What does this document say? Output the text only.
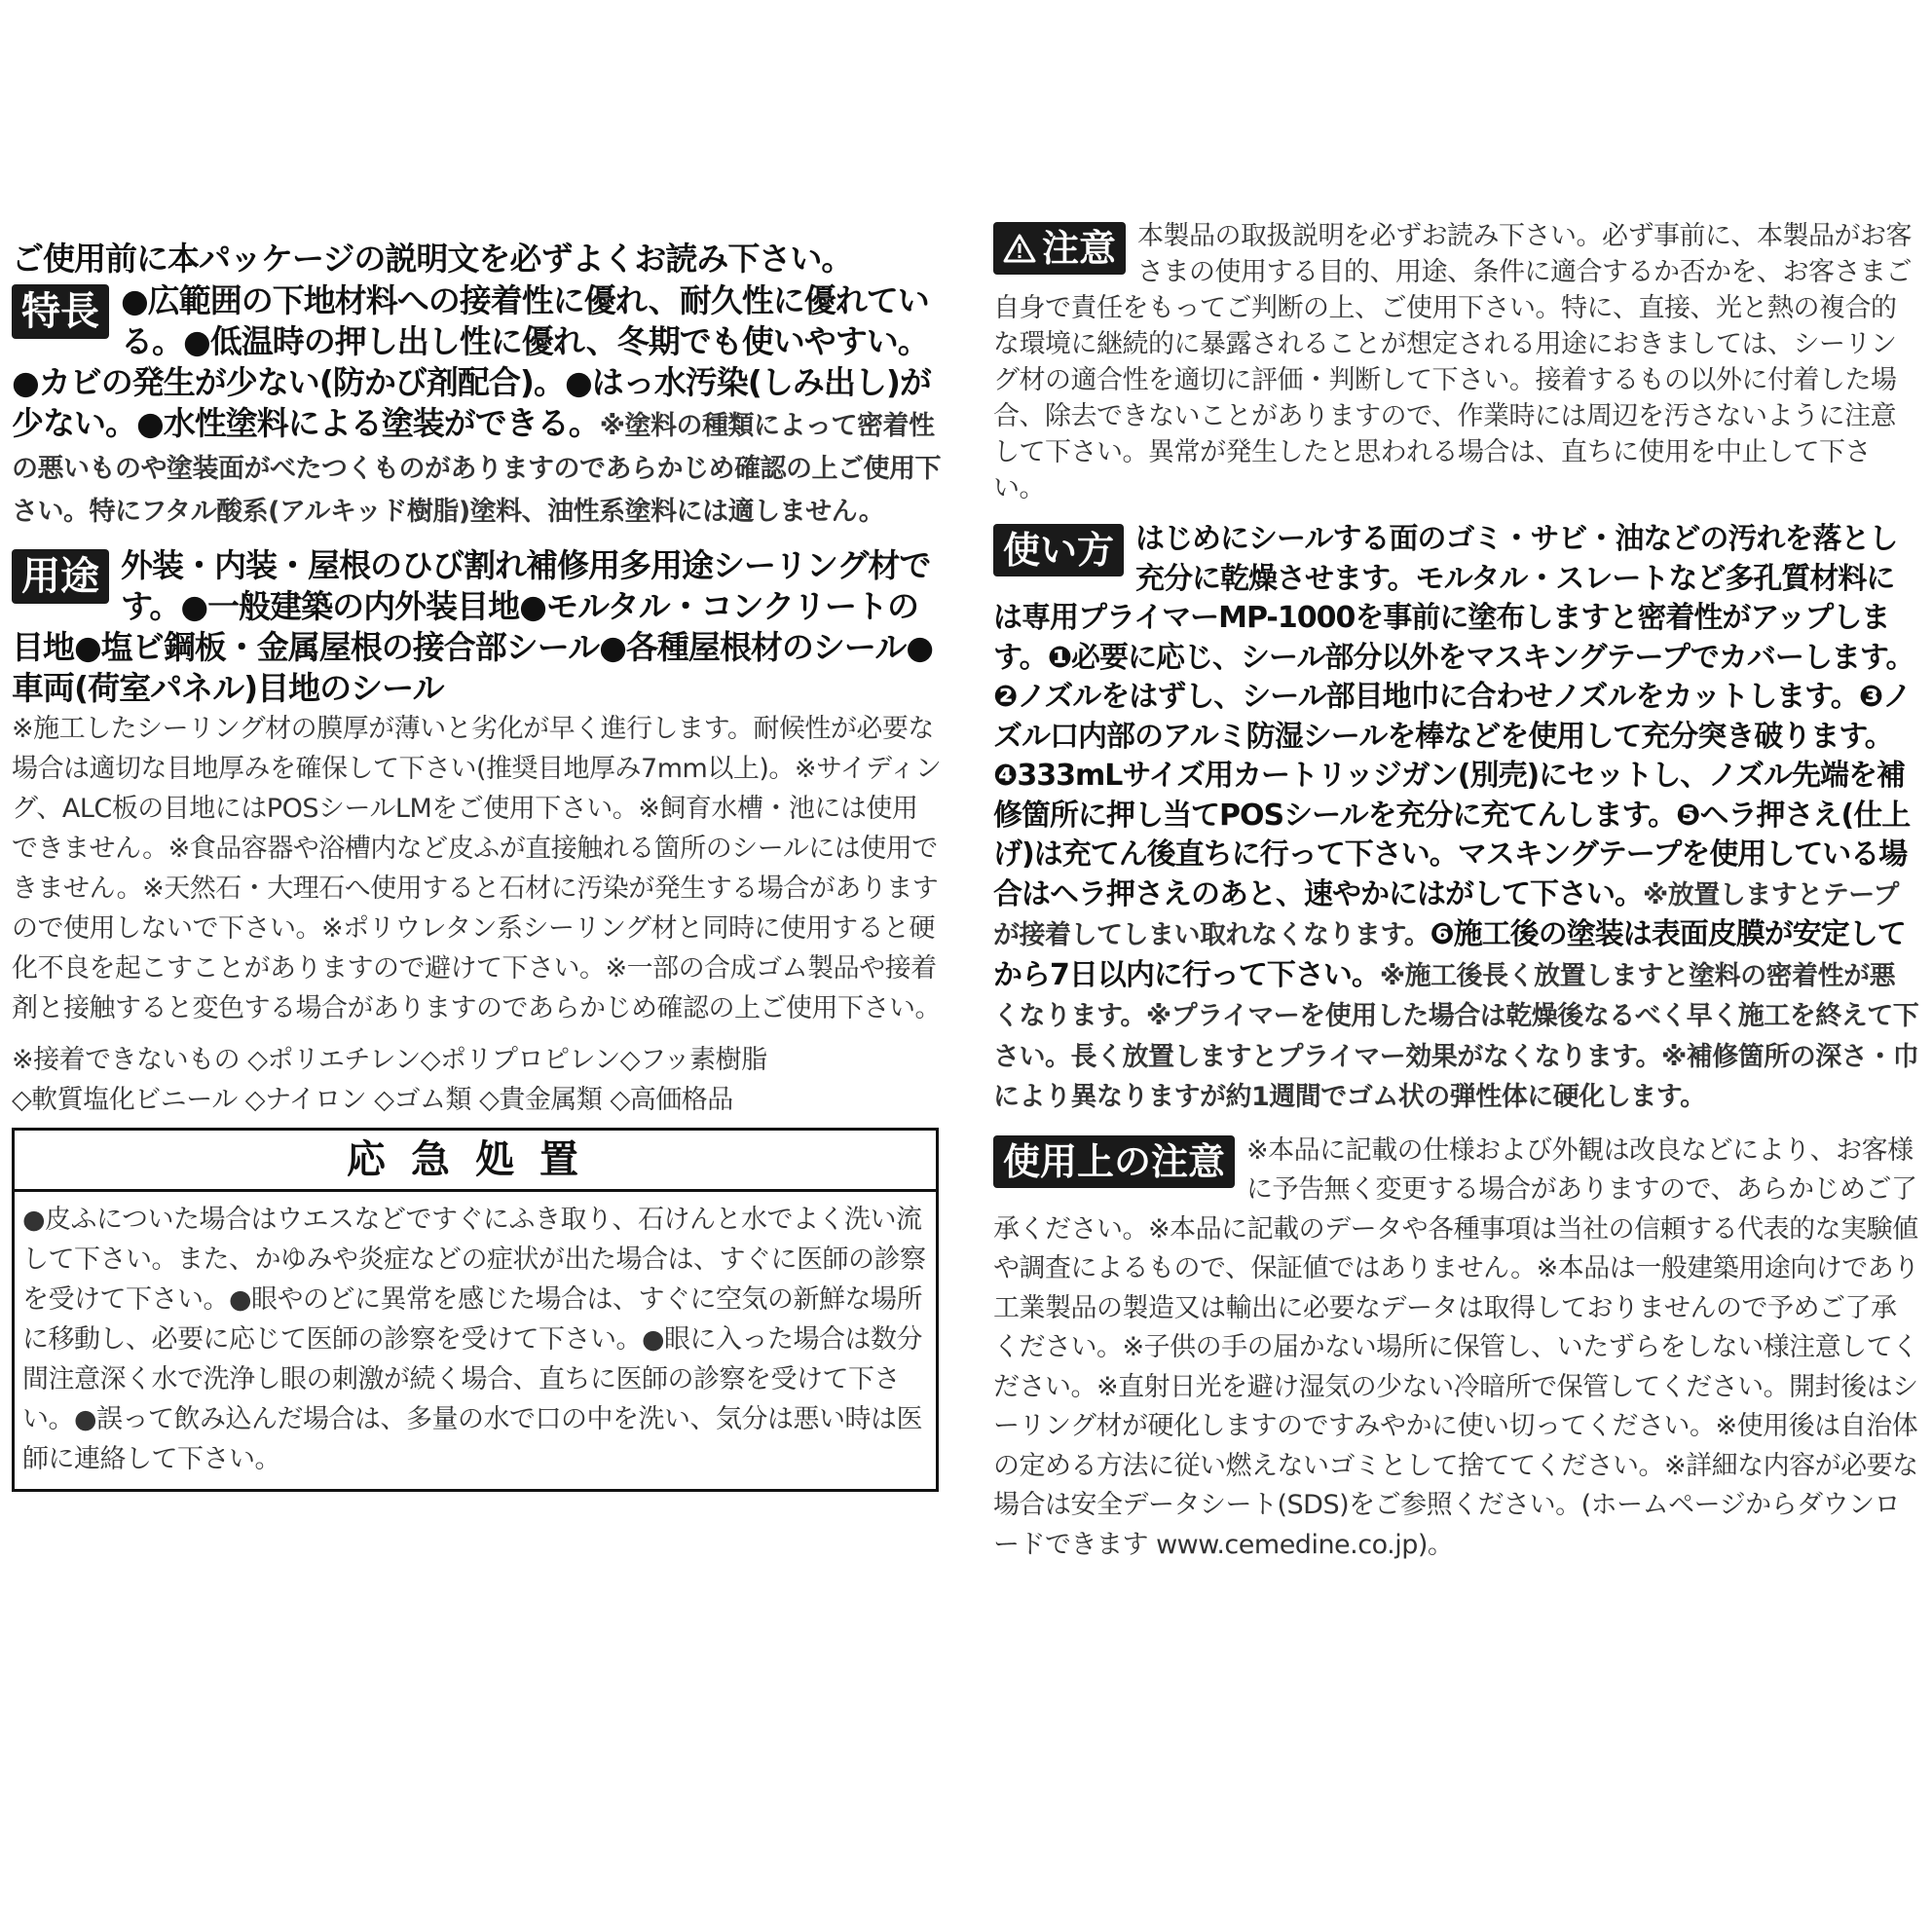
ご使用前に本パッケージの説明文を必ずよくお読み下さい。

特長 ●広範囲の下地材料への接着性に優れ、耐久性に優れている。●低温時の押し出し性に優れ、冬期でも使いやすい。●カビの発生が少ない(防かび剤配合)。●はっ水汚染(しみ出し)が少ない。●水性塗料による塗装ができる。※塗料の種類によって密着性の悪いものや塗装面がべたつくものがありますのであらかじめ確認の上ご使用下さい。特にフタル酸系(アルキッド樹脂)塗料、油性系塗料には適しません。

用途 外装・内装・屋根のひび割れ補修用多用途シーリング材です。●一般建築の内外装目地●モルタル・コンクリートの目地●塩ビ鋼板・金属屋根の接合部シール●各種屋根材のシール●車両(荷室パネル)目地のシール

※施工したシーリング材の膜厚が薄いと劣化が早く進行します。耐候性が必要な場合は適切な目地厚みを確保して下さい(推奨目地厚み7mm以上)。※サイディング、ALC板の目地にはPOSシールLMをご使用下さい。※飼育水槽・池には使用できません。※食品容器や浴槽内など皮ふが直接触れる箇所のシールには使用できません。※天然石・大理石へ使用すると石材に汚染が発生する場合がありますので使用しないで下さい。※ポリウレタン系シーリング材と同時に使用すると硬化不良を起こすことがありますので避けて下さい。※一部の合成ゴム製品や接着剤と接触すると変色する場合がありますのであらかじめ確認の上ご使用下さい。

※接着できないもの ◇ポリエチレン◇ポリプロピレン◇フッ素樹脂
◇軟質塩化ビニール ◇ナイロン ◇ゴム類 ◇貴金属類 ◇高価格品
応急処置
●皮ふについた場合はウエスなどですぐにふき取り、石けんと水でよく洗い流して下さい。また、かゆみや炎症などの症状が出た場合は、すぐに医師の診察を受けて下さい。●眼やのどに異常を感じた場合は、すぐに空気の新鮮な場所に移動し、必要に応じて医師の診察を受けて下さい。●眼に入った場合は数分間注意深く水で洗浄し眼の刺激が続く場合、直ちに医師の診察を受けて下さい。●誤って飲み込んだ場合は、多量の水で口の中を洗い、気分は悪い時は医師に連絡して下さい。
注意 本製品の取扱説明を必ずお読み下さい。必ず事前に、本製品がお客さまの使用する目的、用途、条件に適合するか否かを、お客さまご自身で責任をもってご判断の上、ご使用下さい。特に、直接、光と熱の複合的な環境に継続的に暴露されることが想定される用途におきましては、シーリング材の適合性を適切に評価・判断して下さい。接着するもの以外に付着した場合、除去できないことがありますので、作業時には周辺を汚さないように注意して下さい。異常が発生したと思われる場合は、直ちに使用を中止して下さい。

使い方 はじめにシールする面のゴミ・サビ・油などの汚れを落とし充分に乾燥させます。モルタル・スレートなど多孔質材料には専用プライマーMP-1000を事前に塗布しますと密着性がアップします。❶必要に応じ、シール部分以外をマスキングテープでカバーします。❷ノズルをはずし、シール部目地巾に合わせノズルをカットします。❸ノズル口内部のアルミ防湿シールを棒などを使用して充分突き破ります。❹333mLサイズ用カートリッジガン(別売)にセットし、ノズル先端を補修箇所に押し当てPOSシールを充分に充てんします。❺ヘラ押さえ(仕上げ)は充てん後直ちに行って下さい。マスキングテープを使用している場合はヘラ押さえのあと、速やかにはがして下さい。※放置しますとテープが接着してしまい取れなくなります。❻施工後の塗装は表面皮膜が安定してから7日以内に行って下さい。※施工後長く放置しますと塗料の密着性が悪くなります。※プライマーを使用した場合は乾燥後なるべく早く施工を終えて下さい。長く放置しますとプライマー効果がなくなります。※補修箇所の深さ・巾により異なりますが約1週間でゴム状の弾性体に硬化します。

使用上の注意 ※本品に記載の仕様および外観は改良などにより、お客様に予告無く変更する場合がありますので、あらかじめご了承ください。※本品に記載のデータや各種事項は当社の信頼する代表的な実験値や調査によるもので、保証値ではありません。※本品は一般建築用途向けであり工業製品の製造又は輸出に必要なデータは取得しておりませんので予めご了承ください。※子供の手の届かない場所に保管し、いたずらをしない様注意してください。※直射日光を避け湿気の少ない冷暗所で保管してください。開封後はシーリング材が硬化しますのですみやかに使い切ってください。※使用後は自治体の定める方法に従い燃えないゴミとして捨ててください。※詳細な内容が必要な場合は安全データシート(SDS)をご参照ください。(ホームページからダウンロードできます www.cemedine.co.jp)。
